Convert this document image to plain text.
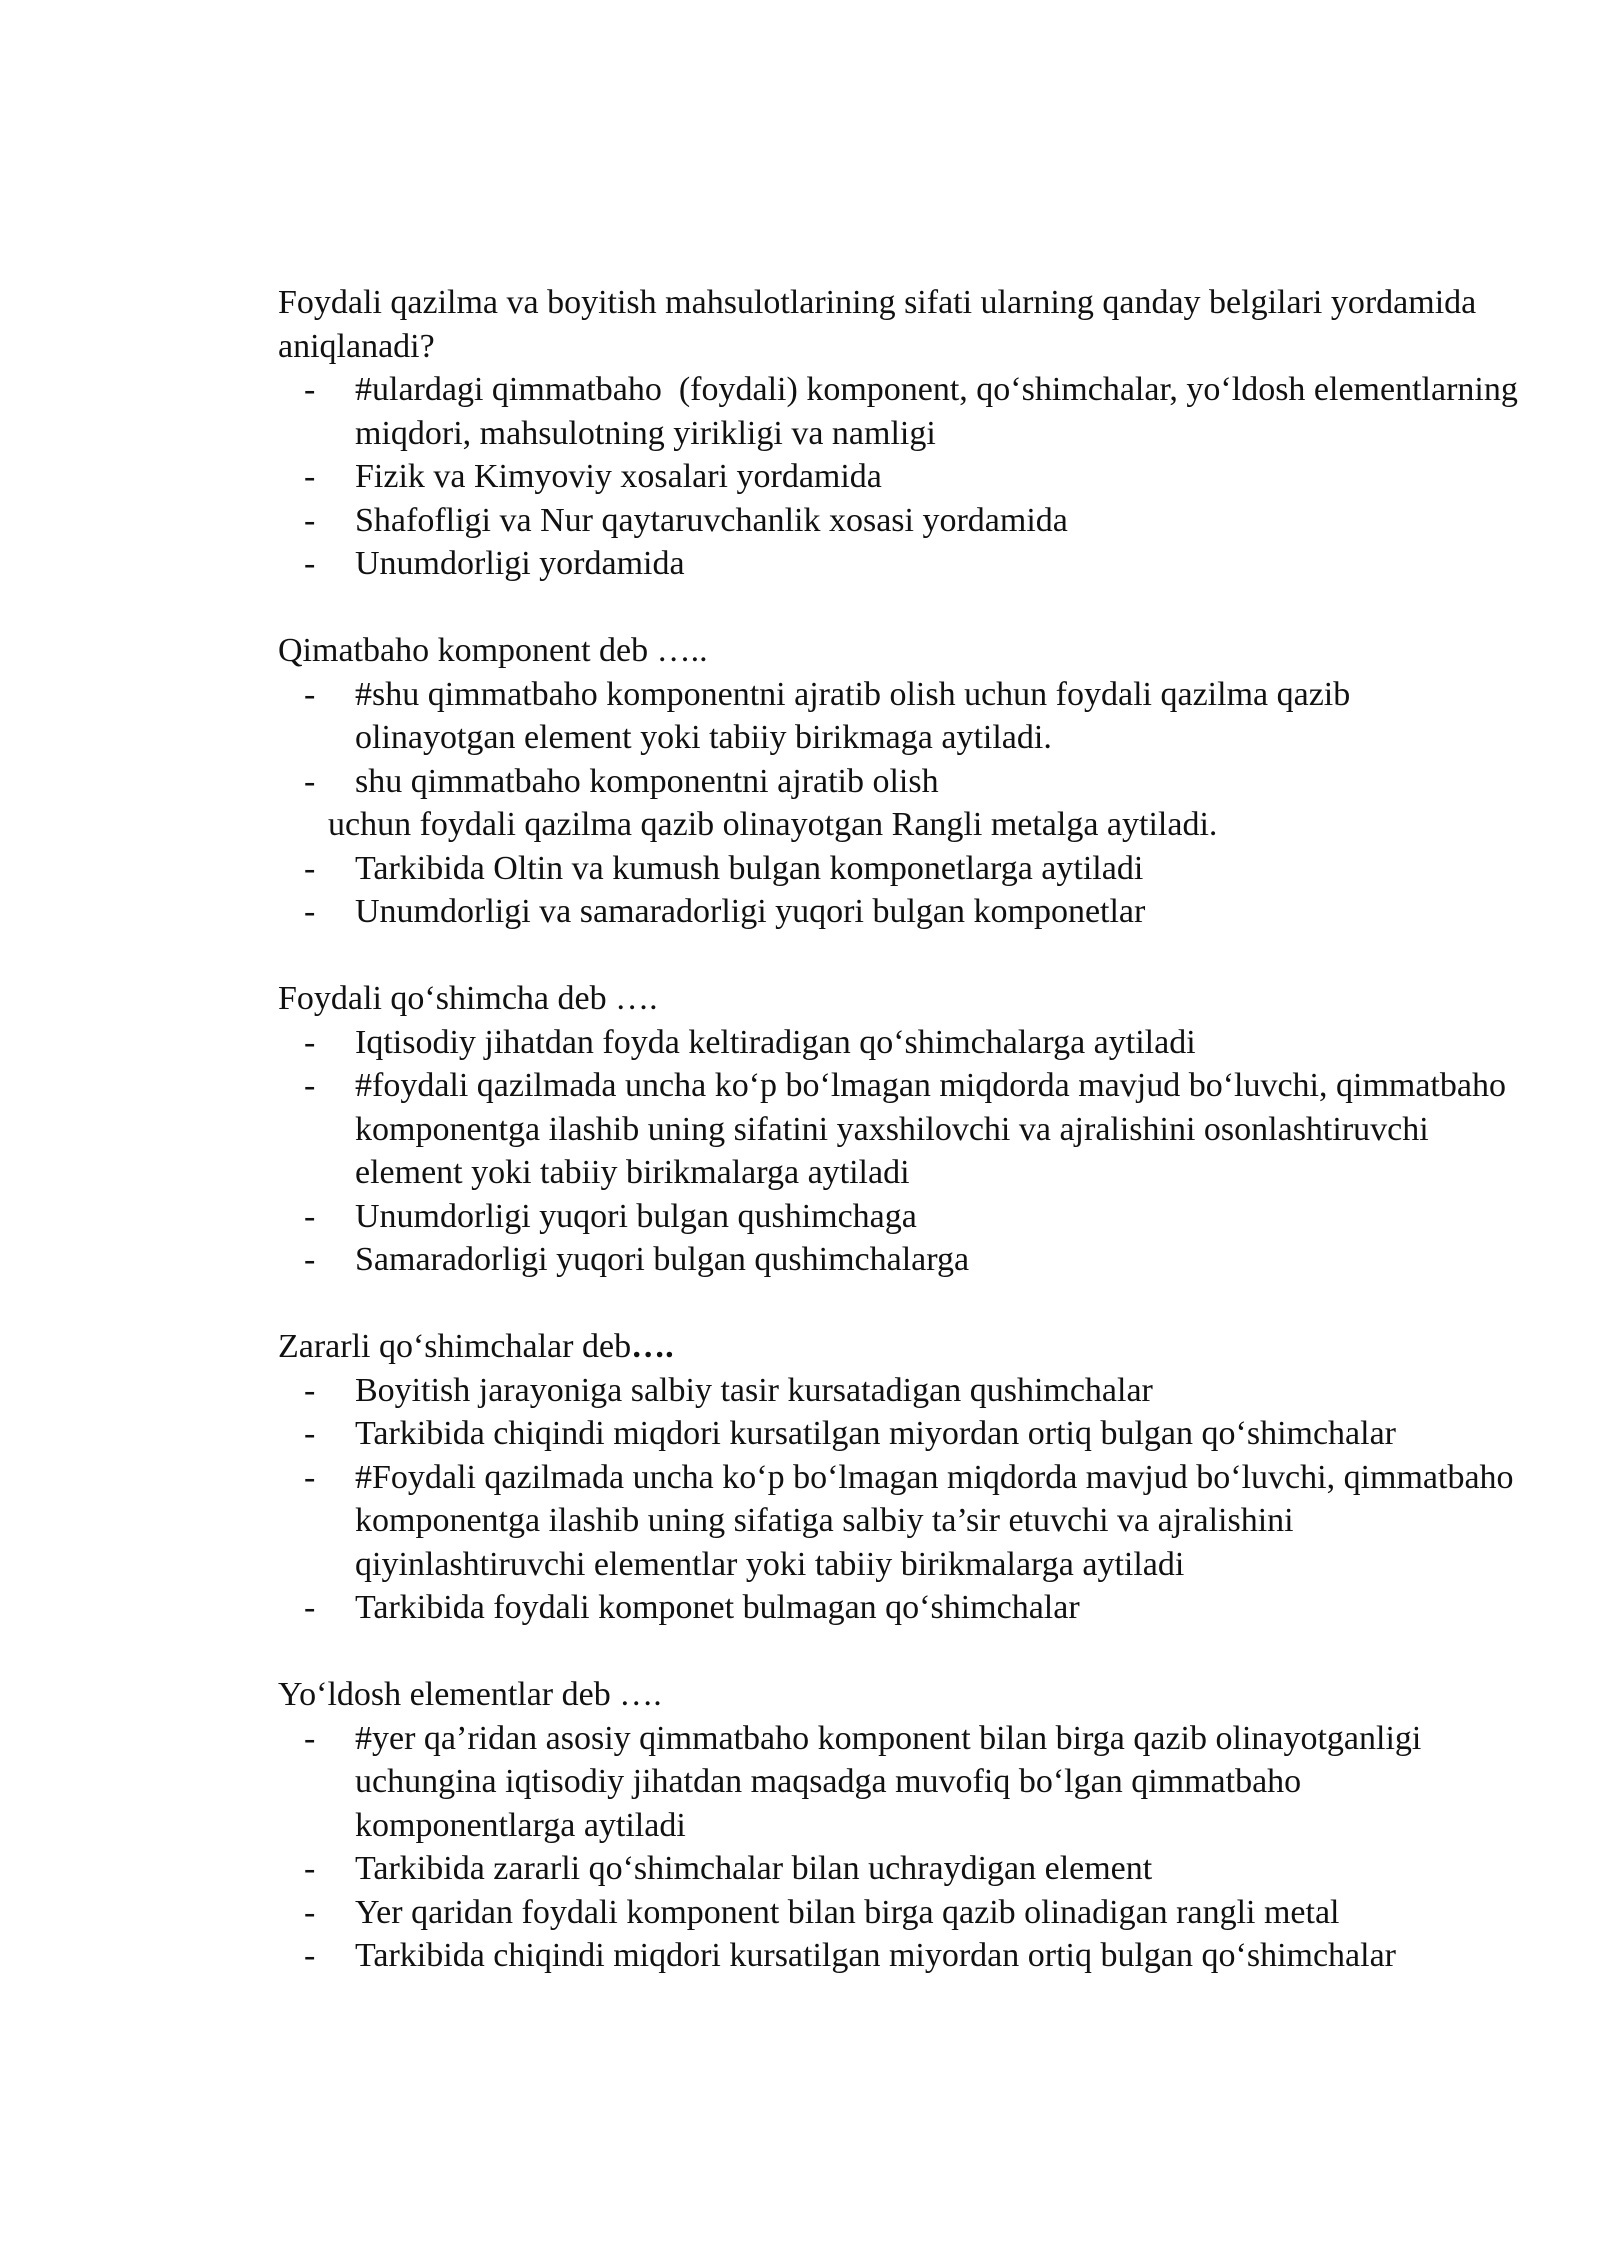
Foydali qazilma va boyitish mahsulotlarining sifati ularning qanday belgilari yordamida aniqlanadi?

- #ulardagi qimmatbaho  (foydali) komponent, qo‘shimchalar, yo‘ldosh elementlarning miqdori, mahsulotning yirikligi va namligi
- Fizik va Kimyoviy xosalari yordamida
- Shafofligi va Nur qaytaruvchanlik xosasi yordamida
- Unumdorligi yordamida

Qimatbaho komponent deb …..

- #shu qimmatbaho komponentni ajratib olish uchun foydali qazilma qazib olinayotgan element yoki tabiiy birikmaga aytiladi.
- shu qimmatbaho komponentni ajratib olish
uchun foydali qazilma qazib olinayotgan Rangli metalga aytiladi.
- Tarkibida Oltin va kumush bulgan komponetlarga aytiladi
- Unumdorligi va samaradorligi yuqori bulgan komponetlar

Foydali qo‘shimcha deb ….

- Iqtisodiy jihatdan foyda keltiradigan qo‘shimchalarga aytiladi
- #foydali qazilmada uncha ko‘p bo‘lmagan miqdorda mavjud bo‘luvchi, qimmatbaho komponentga ilashib uning sifatini yaxshilovchi va ajralishini osonlashtiruvchi element yoki tabiiy birikmalarga aytiladi
- Unumdorligi yuqori bulgan qushimchaga
- Samaradorligi yuqori bulgan qushimchalarga

Zararli qo‘shimchalar deb….

- Boyitish jarayoniga salbiy tasir kursatadigan qushimchalar
- Tarkibida chiqindi miqdori kursatilgan miyordan ortiq bulgan qo‘shimchalar
- #Foydali qazilmada uncha ko‘p bo‘lmagan miqdorda mavjud bo‘luvchi, qimmatbaho komponentga ilashib uning sifatiga salbiy ta’sir etuvchi va ajralishini qiyinlashtiruvchi elementlar yoki tabiiy birikmalarga aytiladi
- Tarkibida foydali komponet bulmagan qo‘shimchalar

Yo‘ldosh elementlar deb ….

- #yer qa’ridan asosiy qimmatbaho komponent bilan birga qazib olinayotganligi uchungina iqtisodiy jihatdan maqsadga muvofiq bo‘lgan qimmatbaho komponentlarga aytiladi
- Tarkibida zararli qo‘shimchalar bilan uchraydigan element
- Yer qaridan foydali komponent bilan birga qazib olinadigan rangli metal
- Tarkibida chiqindi miqdori kursatilgan miyordan ortiq bulgan qo‘shimchalar
